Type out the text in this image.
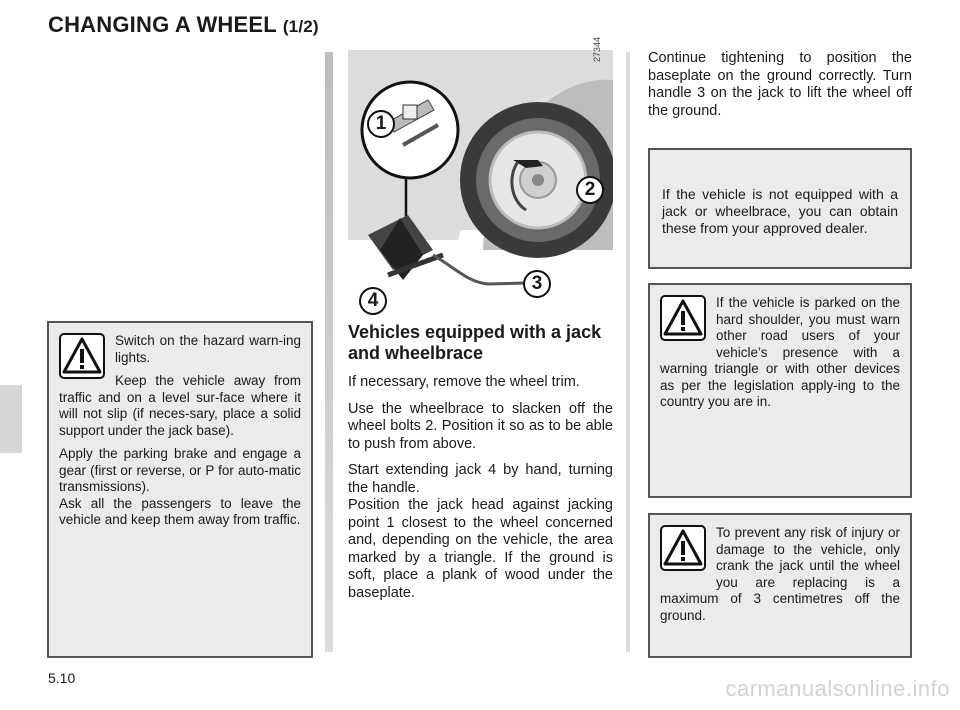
CHANGING A WHEEL (1/2)

Switch on the hazard warn-ing lights.

Keep the vehicle away from traffic and on a level sur-face where it will not slip (if neces-sary, place a solid support under the jack base).

Apply the parking brake and engage a gear (first or reverse, or P for auto-matic transmissions).

Ask all the passengers to leave the vehicle and keep them away from traffic.

1
2
3
4
27344
Vehicles equipped with a jack and wheelbrace

If necessary, remove the wheel trim.

Use the wheelbrace to slacken off the wheel bolts 2. Position it so as to be able to push from above.

Start extending jack 4 by hand, turning the handle.

Position the jack head against jacking point 1 closest to the wheel concerned and, depending on the vehicle, the area marked by a triangle. If the ground is soft, place a plank of wood under the baseplate.

Continue tightening to position the baseplate on the ground correctly. Turn handle 3 on the jack to lift the wheel off the ground.

If the vehicle is not equipped with a jack or wheelbrace, you can obtain these from your approved dealer.

If the vehicle is parked on the hard shoulder, you must warn other road users of your vehicle’s presence with a warning triangle or with other devices as per the legislation apply-ing to the country you are in.

To prevent any risk of injury or damage to the vehicle, only crank the jack until the wheel you are replacing is a maximum of 3 centimetres off the ground.

5.10	carmanualsonline.info
